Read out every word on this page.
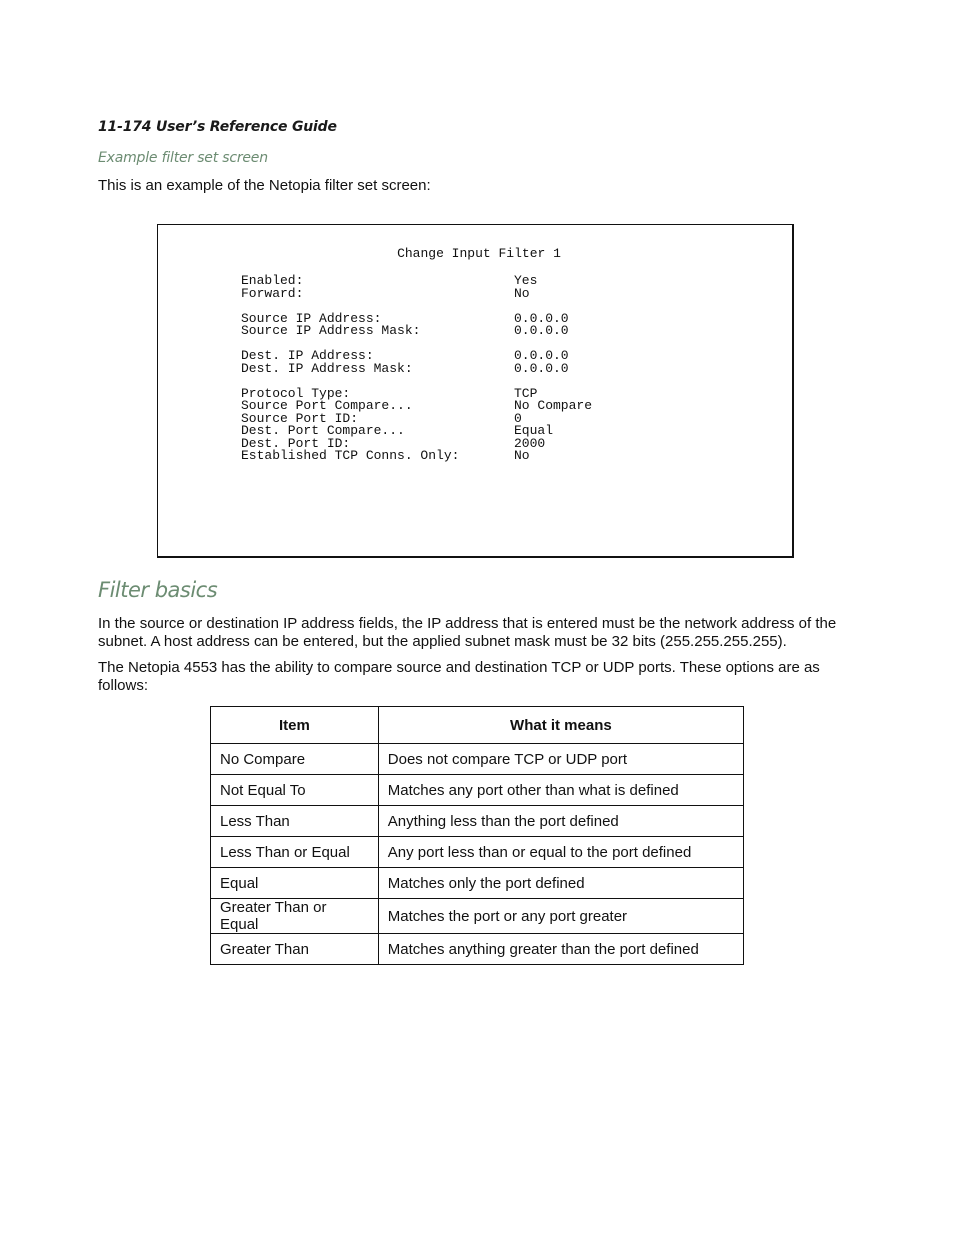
11-174 User’s Reference Guide
Example filter set screen
This is an example of the Netopia filter set screen:
Change Input Filter 1
Enabled:	Yes
Forward:	No
Source IP Address:	0.0.0.0
Source IP Address Mask:	0.0.0.0
Dest. IP Address:	0.0.0.0
Dest. IP Address Mask:	0.0.0.0
Protocol Type:	TCP
Source Port Compare...	No Compare
Source Port ID:	0
Dest. Port Compare...	Equal
Dest. Port ID:	2000
Established TCP Conns. Only:	No
Filter basics
In the source or destination IP address fields, the IP address that is entered must be the network address of the subnet. A host address can be entered, but the applied subnet mask must be 32 bits (255.255.255.255).
The Netopia 4553 has the ability to compare source and destination TCP or UDP ports. These options are as follows:
Item	What it means
No Compare	Does not compare TCP or UDP port
Not Equal To	Matches any port other than what is defined
Less Than	Anything less than the port defined
Less Than or Equal	Any port less than or equal to the port defined
Equal	Matches only the port defined
Greater Than or Equal	Matches the port or any port greater
Greater Than	Matches anything greater than the port defined
